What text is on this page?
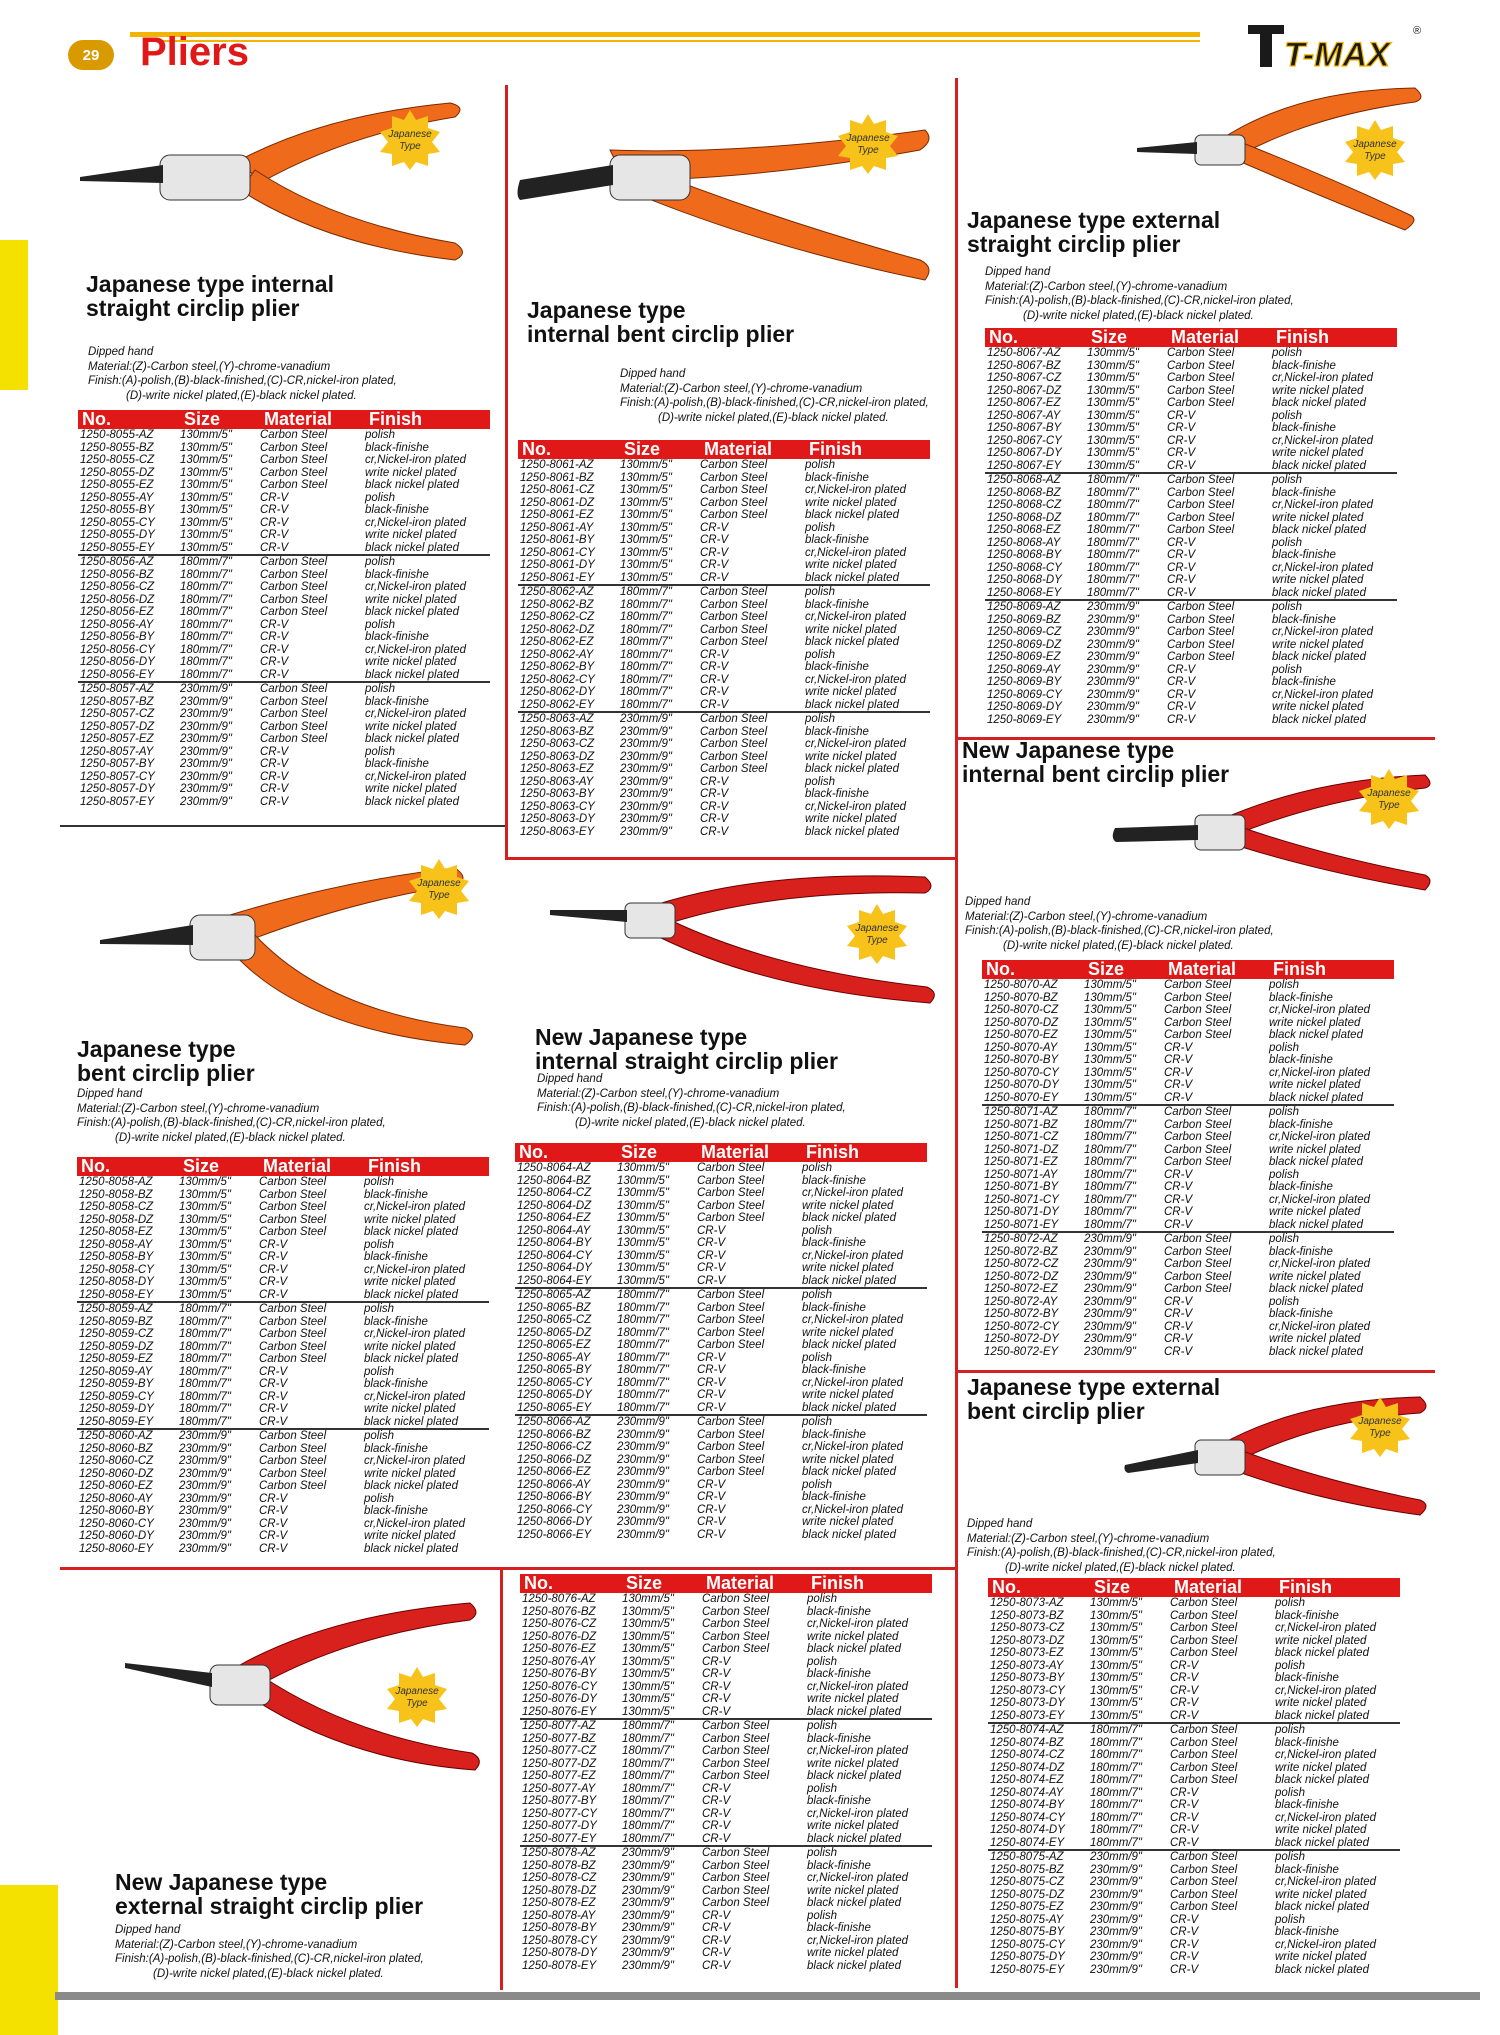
29	Pliers	T-MAX
®
Japanese
Type
Japanese
Type
Japanese
Type
Japanese
Type
Japanese
Type
Japanese
Type
Japanese
Type
Japanese
Type
Japanese type internal
straight circlip plier
Dipped hand
Material:(Z)-Carbon steel,(Y)-chrome-vanadium
Finish:(A)-polish,(B)-black-finished,(C)-CR,nickel-iron plated,
(D)-write nickel plated,(E)-black nickel plated.
No.	Size	Material	Finish
1250-8055-AZ	130mm/5"	Carbon Steel	polish
1250-8055-BZ	130mm/5"	Carbon Steel	black-finishe
1250-8055-CZ	130mm/5"	Carbon Steel	cr,Nickel-iron plated
1250-8055-DZ	130mm/5"	Carbon Steel	write nickel plated
1250-8055-EZ	130mm/5"	Carbon Steel	black nickel plated
1250-8055-AY	130mm/5"	CR-V	polish
1250-8055-BY	130mm/5"	CR-V	black-finishe
1250-8055-CY	130mm/5"	CR-V	cr,Nickel-iron plated
1250-8055-DY	130mm/5"	CR-V	write nickel plated
1250-8055-EY	130mm/5"	CR-V	black nickel plated
1250-8056-AZ	180mm/7"	Carbon Steel	polish
1250-8056-BZ	180mm/7"	Carbon Steel	black-finishe
1250-8056-CZ	180mm/7"	Carbon Steel	cr,Nickel-iron plated
1250-8056-DZ	180mm/7"	Carbon Steel	write nickel plated
1250-8056-EZ	180mm/7"	Carbon Steel	black nickel plated
1250-8056-AY	180mm/7"	CR-V	polish
1250-8056-BY	180mm/7"	CR-V	black-finishe
1250-8056-CY	180mm/7"	CR-V	cr,Nickel-iron plated
1250-8056-DY	180mm/7"	CR-V	write nickel plated
1250-8056-EY	180mm/7"	CR-V	black nickel plated
1250-8057-AZ	230mm/9"	Carbon Steel	polish
1250-8057-BZ	230mm/9"	Carbon Steel	black-finishe
1250-8057-CZ	230mm/9"	Carbon Steel	cr,Nickel-iron plated
1250-8057-DZ	230mm/9"	Carbon Steel	write nickel plated
1250-8057-EZ	230mm/9"	Carbon Steel	black nickel plated
1250-8057-AY	230mm/9"	CR-V	polish
1250-8057-BY	230mm/9"	CR-V	black-finishe
1250-8057-CY	230mm/9"	CR-V	cr,Nickel-iron plated
1250-8057-DY	230mm/9"	CR-V	write nickel plated
1250-8057-EY	230mm/9"	CR-V	black nickel plated
Japanese type
internal bent circlip plier
Dipped hand
Material:(Z)-Carbon steel,(Y)-chrome-vanadium
Finish:(A)-polish,(B)-black-finished,(C)-CR,nickel-iron plated,
(D)-write nickel plated,(E)-black nickel plated.
No.	Size	Material	Finish
1250-8061-AZ	130mm/5"	Carbon Steel	polish
1250-8061-BZ	130mm/5"	Carbon Steel	black-finishe
1250-8061-CZ	130mm/5"	Carbon Steel	cr,Nickel-iron plated
1250-8061-DZ	130mm/5"	Carbon Steel	write nickel plated
1250-8061-EZ	130mm/5"	Carbon Steel	black nickel plated
1250-8061-AY	130mm/5"	CR-V	polish
1250-8061-BY	130mm/5"	CR-V	black-finishe
1250-8061-CY	130mm/5"	CR-V	cr,Nickel-iron plated
1250-8061-DY	130mm/5"	CR-V	write nickel plated
1250-8061-EY	130mm/5"	CR-V	black nickel plated
1250-8062-AZ	180mm/7"	Carbon Steel	polish
1250-8062-BZ	180mm/7"	Carbon Steel	black-finishe
1250-8062-CZ	180mm/7"	Carbon Steel	cr,Nickel-iron plated
1250-8062-DZ	180mm/7"	Carbon Steel	write nickel plated
1250-8062-EZ	180mm/7"	Carbon Steel	black nickel plated
1250-8062-AY	180mm/7"	CR-V	polish
1250-8062-BY	180mm/7"	CR-V	black-finishe
1250-8062-CY	180mm/7"	CR-V	cr,Nickel-iron plated
1250-8062-DY	180mm/7"	CR-V	write nickel plated
1250-8062-EY	180mm/7"	CR-V	black nickel plated
1250-8063-AZ	230mm/9"	Carbon Steel	polish
1250-8063-BZ	230mm/9"	Carbon Steel	black-finishe
1250-8063-CZ	230mm/9"	Carbon Steel	cr,Nickel-iron plated
1250-8063-DZ	230mm/9"	Carbon Steel	write nickel plated
1250-8063-EZ	230mm/9"	Carbon Steel	black nickel plated
1250-8063-AY	230mm/9"	CR-V	polish
1250-8063-BY	230mm/9"	CR-V	black-finishe
1250-8063-CY	230mm/9"	CR-V	cr,Nickel-iron plated
1250-8063-DY	230mm/9"	CR-V	write nickel plated
1250-8063-EY	230mm/9"	CR-V	black nickel plated
Japanese type external
straight circlip plier
Dipped hand
Material:(Z)-Carbon steel,(Y)-chrome-vanadium
Finish:(A)-polish,(B)-black-finished,(C)-CR,nickel-iron plated,
(D)-write nickel plated,(E)-black nickel plated.
No.	Size	Material	Finish
1250-8067-AZ	130mm/5"	Carbon Steel	polish
1250-8067-BZ	130mm/5"	Carbon Steel	black-finishe
1250-8067-CZ	130mm/5"	Carbon Steel	cr,Nickel-iron plated
1250-8067-DZ	130mm/5"	Carbon Steel	write nickel plated
1250-8067-EZ	130mm/5"	Carbon Steel	black nickel plated
1250-8067-AY	130mm/5"	CR-V	polish
1250-8067-BY	130mm/5"	CR-V	black-finishe
1250-8067-CY	130mm/5"	CR-V	cr,Nickel-iron plated
1250-8067-DY	130mm/5"	CR-V	write nickel plated
1250-8067-EY	130mm/5"	CR-V	black nickel plated
1250-8068-AZ	180mm/7"	Carbon Steel	polish
1250-8068-BZ	180mm/7"	Carbon Steel	black-finishe
1250-8068-CZ	180mm/7"	Carbon Steel	cr,Nickel-iron plated
1250-8068-DZ	180mm/7"	Carbon Steel	write nickel plated
1250-8068-EZ	180mm/7"	Carbon Steel	black nickel plated
1250-8068-AY	180mm/7"	CR-V	polish
1250-8068-BY	180mm/7"	CR-V	black-finishe
1250-8068-CY	180mm/7"	CR-V	cr,Nickel-iron plated
1250-8068-DY	180mm/7"	CR-V	write nickel plated
1250-8068-EY	180mm/7"	CR-V	black nickel plated
1250-8069-AZ	230mm/9"	Carbon Steel	polish
1250-8069-BZ	230mm/9"	Carbon Steel	black-finishe
1250-8069-CZ	230mm/9"	Carbon Steel	cr,Nickel-iron plated
1250-8069-DZ	230mm/9"	Carbon Steel	write nickel plated
1250-8069-EZ	230mm/9"	Carbon Steel	black nickel plated
1250-8069-AY	230mm/9"	CR-V	polish
1250-8069-BY	230mm/9"	CR-V	black-finishe
1250-8069-CY	230mm/9"	CR-V	cr,Nickel-iron plated
1250-8069-DY	230mm/9"	CR-V	write nickel plated
1250-8069-EY	230mm/9"	CR-V	black nickel plated
New Japanese type
internal bent circlip plier
Dipped hand
Material:(Z)-Carbon steel,(Y)-chrome-vanadium
Finish:(A)-polish,(B)-black-finished,(C)-CR,nickel-iron plated,
(D)-write nickel plated,(E)-black nickel plated.
No.	Size	Material	Finish
1250-8070-AZ	130mm/5"	Carbon Steel	polish
1250-8070-BZ	130mm/5"	Carbon Steel	black-finishe
1250-8070-CZ	130mm/5"	Carbon Steel	cr,Nickel-iron plated
1250-8070-DZ	130mm/5"	Carbon Steel	write nickel plated
1250-8070-EZ	130mm/5"	Carbon Steel	black nickel plated
1250-8070-AY	130mm/5"	CR-V	polish
1250-8070-BY	130mm/5"	CR-V	black-finishe
1250-8070-CY	130mm/5"	CR-V	cr,Nickel-iron plated
1250-8070-DY	130mm/5"	CR-V	write nickel plated
1250-8070-EY	130mm/5"	CR-V	black nickel plated
1250-8071-AZ	180mm/7"	Carbon Steel	polish
1250-8071-BZ	180mm/7"	Carbon Steel	black-finishe
1250-8071-CZ	180mm/7"	Carbon Steel	cr,Nickel-iron plated
1250-8071-DZ	180mm/7"	Carbon Steel	write nickel plated
1250-8071-EZ	180mm/7"	Carbon Steel	black nickel plated
1250-8071-AY	180mm/7"	CR-V	polish
1250-8071-BY	180mm/7"	CR-V	black-finishe
1250-8071-CY	180mm/7"	CR-V	cr,Nickel-iron plated
1250-8071-DY	180mm/7"	CR-V	write nickel plated
1250-8071-EY	180mm/7"	CR-V	black nickel plated
1250-8072-AZ	230mm/9"	Carbon Steel	polish
1250-8072-BZ	230mm/9"	Carbon Steel	black-finishe
1250-8072-CZ	230mm/9"	Carbon Steel	cr,Nickel-iron plated
1250-8072-DZ	230mm/9"	Carbon Steel	write nickel plated
1250-8072-EZ	230mm/9"	Carbon Steel	black nickel plated
1250-8072-AY	230mm/9"	CR-V	polish
1250-8072-BY	230mm/9"	CR-V	black-finishe
1250-8072-CY	230mm/9"	CR-V	cr,Nickel-iron plated
1250-8072-DY	230mm/9"	CR-V	write nickel plated
1250-8072-EY	230mm/9"	CR-V	black nickel plated
Japanese type
bent circlip plier
Dipped hand
Material:(Z)-Carbon steel,(Y)-chrome-vanadium
Finish:(A)-polish,(B)-black-finished,(C)-CR,nickel-iron plated,
(D)-write nickel plated,(E)-black nickel plated.
No.	Size	Material	Finish
1250-8058-AZ	130mm/5"	Carbon Steel	polish
1250-8058-BZ	130mm/5"	Carbon Steel	black-finishe
1250-8058-CZ	130mm/5"	Carbon Steel	cr,Nickel-iron plated
1250-8058-DZ	130mm/5"	Carbon Steel	write nickel plated
1250-8058-EZ	130mm/5"	Carbon Steel	black nickel plated
1250-8058-AY	130mm/5"	CR-V	polish
1250-8058-BY	130mm/5"	CR-V	black-finishe
1250-8058-CY	130mm/5"	CR-V	cr,Nickel-iron plated
1250-8058-DY	130mm/5"	CR-V	write nickel plated
1250-8058-EY	130mm/5"	CR-V	black nickel plated
1250-8059-AZ	180mm/7"	Carbon Steel	polish
1250-8059-BZ	180mm/7"	Carbon Steel	black-finishe
1250-8059-CZ	180mm/7"	Carbon Steel	cr,Nickel-iron plated
1250-8059-DZ	180mm/7"	Carbon Steel	write nickel plated
1250-8059-EZ	180mm/7"	Carbon Steel	black nickel plated
1250-8059-AY	180mm/7"	CR-V	polish
1250-8059-BY	180mm/7"	CR-V	black-finishe
1250-8059-CY	180mm/7"	CR-V	cr,Nickel-iron plated
1250-8059-DY	180mm/7"	CR-V	write nickel plated
1250-8059-EY	180mm/7"	CR-V	black nickel plated
1250-8060-AZ	230mm/9"	Carbon Steel	polish
1250-8060-BZ	230mm/9"	Carbon Steel	black-finishe
1250-8060-CZ	230mm/9"	Carbon Steel	cr,Nickel-iron plated
1250-8060-DZ	230mm/9"	Carbon Steel	write nickel plated
1250-8060-EZ	230mm/9"	Carbon Steel	black nickel plated
1250-8060-AY	230mm/9"	CR-V	polish
1250-8060-BY	230mm/9"	CR-V	black-finishe
1250-8060-CY	230mm/9"	CR-V	cr,Nickel-iron plated
1250-8060-DY	230mm/9"	CR-V	write nickel plated
1250-8060-EY	230mm/9"	CR-V	black nickel plated
New Japanese type
internal straight circlip plier
Dipped hand
Material:(Z)-Carbon steel,(Y)-chrome-vanadium
Finish:(A)-polish,(B)-black-finished,(C)-CR,nickel-iron plated,
(D)-write nickel plated,(E)-black nickel plated.
No.	Size	Material	Finish
1250-8064-AZ	130mm/5"	Carbon Steel	polish
1250-8064-BZ	130mm/5"	Carbon Steel	black-finishe
1250-8064-CZ	130mm/5"	Carbon Steel	cr,Nickel-iron plated
1250-8064-DZ	130mm/5"	Carbon Steel	write nickel plated
1250-8064-EZ	130mm/5"	Carbon Steel	black nickel plated
1250-8064-AY	130mm/5"	CR-V	polish
1250-8064-BY	130mm/5"	CR-V	black-finishe
1250-8064-CY	130mm/5"	CR-V	cr,Nickel-iron plated
1250-8064-DY	130mm/5"	CR-V	write nickel plated
1250-8064-EY	130mm/5"	CR-V	black nickel plated
1250-8065-AZ	180mm/7"	Carbon Steel	polish
1250-8065-BZ	180mm/7"	Carbon Steel	black-finishe
1250-8065-CZ	180mm/7"	Carbon Steel	cr,Nickel-iron plated
1250-8065-DZ	180mm/7"	Carbon Steel	write nickel plated
1250-8065-EZ	180mm/7"	Carbon Steel	black nickel plated
1250-8065-AY	180mm/7"	CR-V	polish
1250-8065-BY	180mm/7"	CR-V	black-finishe
1250-8065-CY	180mm/7"	CR-V	cr,Nickel-iron plated
1250-8065-DY	180mm/7"	CR-V	write nickel plated
1250-8065-EY	180mm/7"	CR-V	black nickel plated
1250-8066-AZ	230mm/9"	Carbon Steel	polish
1250-8066-BZ	230mm/9"	Carbon Steel	black-finishe
1250-8066-CZ	230mm/9"	Carbon Steel	cr,Nickel-iron plated
1250-8066-DZ	230mm/9"	Carbon Steel	write nickel plated
1250-8066-EZ	230mm/9"	Carbon Steel	black nickel plated
1250-8066-AY	230mm/9"	CR-V	polish
1250-8066-BY	230mm/9"	CR-V	black-finishe
1250-8066-CY	230mm/9"	CR-V	cr,Nickel-iron plated
1250-8066-DY	230mm/9"	CR-V	write nickel plated
1250-8066-EY	230mm/9"	CR-V	black nickel plated
Japanese type external
bent circlip plier
Dipped hand
Material:(Z)-Carbon steel,(Y)-chrome-vanadium
Finish:(A)-polish,(B)-black-finished,(C)-CR,nickel-iron plated,
(D)-write nickel plated,(E)-black nickel plated.
No.	Size	Material	Finish
1250-8073-AZ	130mm/5"	Carbon Steel	polish
1250-8073-BZ	130mm/5"	Carbon Steel	black-finishe
1250-8073-CZ	130mm/5"	Carbon Steel	cr,Nickel-iron plated
1250-8073-DZ	130mm/5"	Carbon Steel	write nickel plated
1250-8073-EZ	130mm/5"	Carbon Steel	black nickel plated
1250-8073-AY	130mm/5"	CR-V	polish
1250-8073-BY	130mm/5"	CR-V	black-finishe
1250-8073-CY	130mm/5"	CR-V	cr,Nickel-iron plated
1250-8073-DY	130mm/5"	CR-V	write nickel plated
1250-8073-EY	130mm/5"	CR-V	black nickel plated
1250-8074-AZ	180mm/7"	Carbon Steel	polish
1250-8074-BZ	180mm/7"	Carbon Steel	black-finishe
1250-8074-CZ	180mm/7"	Carbon Steel	cr,Nickel-iron plated
1250-8074-DZ	180mm/7"	Carbon Steel	write nickel plated
1250-8074-EZ	180mm/7"	Carbon Steel	black nickel plated
1250-8074-AY	180mm/7"	CR-V	polish
1250-8074-BY	180mm/7"	CR-V	black-finishe
1250-8074-CY	180mm/7"	CR-V	cr,Nickel-iron plated
1250-8074-DY	180mm/7"	CR-V	write nickel plated
1250-8074-EY	180mm/7"	CR-V	black nickel plated
1250-8075-AZ	230mm/9"	Carbon Steel	polish
1250-8075-BZ	230mm/9"	Carbon Steel	black-finishe
1250-8075-CZ	230mm/9"	Carbon Steel	cr,Nickel-iron plated
1250-8075-DZ	230mm/9"	Carbon Steel	write nickel plated
1250-8075-EZ	230mm/9"	Carbon Steel	black nickel plated
1250-8075-AY	230mm/9"	CR-V	polish
1250-8075-BY	230mm/9"	CR-V	black-finishe
1250-8075-CY	230mm/9"	CR-V	cr,Nickel-iron plated
1250-8075-DY	230mm/9"	CR-V	write nickel plated
1250-8075-EY	230mm/9"	CR-V	black nickel plated
New Japanese type
external straight circlip plier
Dipped hand
Material:(Z)-Carbon steel,(Y)-chrome-vanadium
Finish:(A)-polish,(B)-black-finished,(C)-CR,nickel-iron plated,
(D)-write nickel plated,(E)-black nickel plated.
No.	Size	Material	Finish
1250-8076-AZ	130mm/5"	Carbon Steel	polish
1250-8076-BZ	130mm/5"	Carbon Steel	black-finishe
1250-8076-CZ	130mm/5"	Carbon Steel	cr,Nickel-iron plated
1250-8076-DZ	130mm/5"	Carbon Steel	write nickel plated
1250-8076-EZ	130mm/5"	Carbon Steel	black nickel plated
1250-8076-AY	130mm/5"	CR-V	polish
1250-8076-BY	130mm/5"	CR-V	black-finishe
1250-8076-CY	130mm/5"	CR-V	cr,Nickel-iron plated
1250-8076-DY	130mm/5"	CR-V	write nickel plated
1250-8076-EY	130mm/5"	CR-V	black nickel plated
1250-8077-AZ	180mm/7"	Carbon Steel	polish
1250-8077-BZ	180mm/7"	Carbon Steel	black-finishe
1250-8077-CZ	180mm/7"	Carbon Steel	cr,Nickel-iron plated
1250-8077-DZ	180mm/7"	Carbon Steel	write nickel plated
1250-8077-EZ	180mm/7"	Carbon Steel	black nickel plated
1250-8077-AY	180mm/7"	CR-V	polish
1250-8077-BY	180mm/7"	CR-V	black-finishe
1250-8077-CY	180mm/7"	CR-V	cr,Nickel-iron plated
1250-8077-DY	180mm/7"	CR-V	write nickel plated
1250-8077-EY	180mm/7"	CR-V	black nickel plated
1250-8078-AZ	230mm/9"	Carbon Steel	polish
1250-8078-BZ	230mm/9"	Carbon Steel	black-finishe
1250-8078-CZ	230mm/9"	Carbon Steel	cr,Nickel-iron plated
1250-8078-DZ	230mm/9"	Carbon Steel	write nickel plated
1250-8078-EZ	230mm/9"	Carbon Steel	black nickel plated
1250-8078-AY	230mm/9"	CR-V	polish
1250-8078-BY	230mm/9"	CR-V	black-finishe
1250-8078-CY	230mm/9"	CR-V	cr,Nickel-iron plated
1250-8078-DY	230mm/9"	CR-V	write nickel plated
1250-8078-EY	230mm/9"	CR-V	black nickel plated
